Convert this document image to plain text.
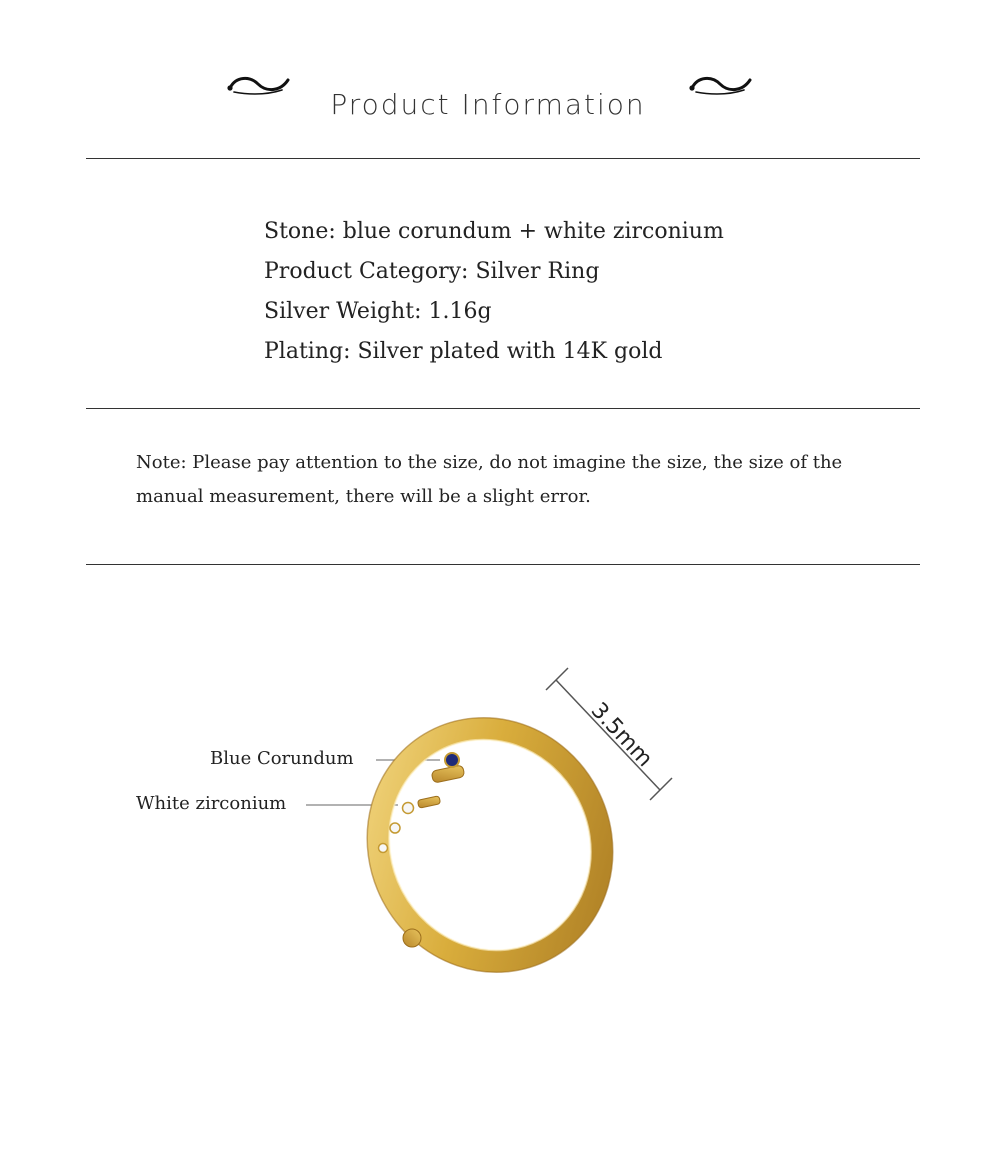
Product Information
Stone: blue corundum + white zirconium
Product Category: Silver Ring
Silver Weight: 1.16g
Plating: Silver plated with 14K gold
Note: Please pay attention to the size, do not imagine the size, the size of the manual measurement, there will be a slight error.
Blue Corundum
White zirconium
3.5mm
